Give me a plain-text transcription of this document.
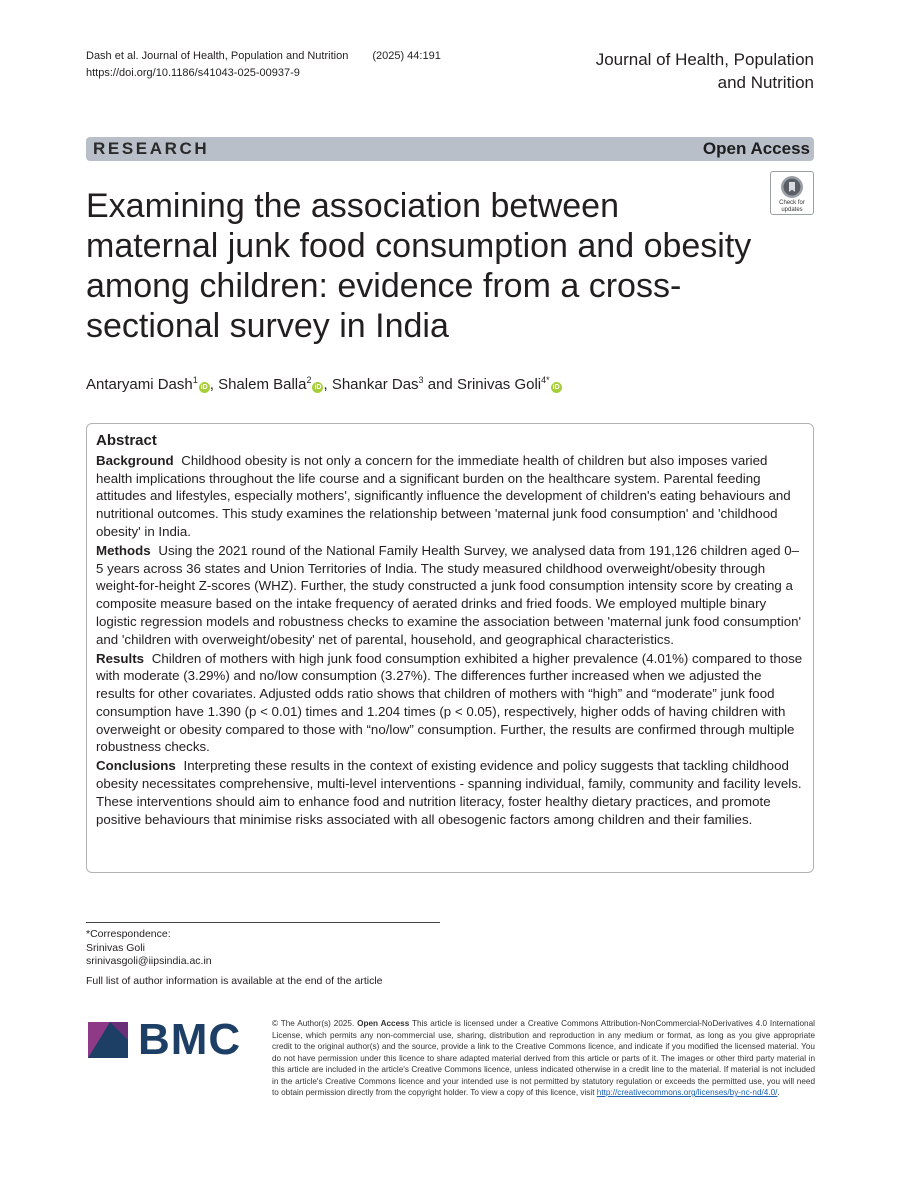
Dash et al. Journal of Health, Population and Nutrition (2025) 44:191
https://doi.org/10.1186/s41043-025-00937-9
Journal of Health, Population
and Nutrition
RESEARCH	Open Access
Check for
updates
Examining the association between maternal junk food consumption and obesity among children: evidence from a cross-sectional survey in India
Antaryami Dash$^1$iD , Shalem Balla$^2$iD , Shankar Das$^3$ and Srinivas Goli$^{4*}$iD
Abstract

Background Childhood obesity is not only a concern for the immediate health of children but also imposes varied health implications throughout the life course and a significant burden on the healthcare system. Parental feeding attitudes and lifestyles, especially mothers', significantly influence the development of children's eating behaviours and nutritional outcomes. This study examines the relationship between 'maternal junk food consumption' and 'childhood obesity' in India.

Methods Using the 2021 round of the National Family Health Survey, we analysed data from 191,126 children aged 0–5 years across 36 states and Union Territories of India. The study measured childhood overweight/obesity through weight-for-height Z-scores (WHZ). Further, the study constructed a junk food consumption intensity score by creating a composite measure based on the intake frequency of aerated drinks and fried foods. We employed multiple binary logistic regression models and robustness checks to examine the association between 'maternal junk food consumption' and 'children with overweight/obesity' net of parental, household, and geographical characteristics.

Results Children of mothers with high junk food consumption exhibited a higher prevalence (4.01%) compared to those with moderate (3.29%) and no/low consumption (3.27%). The differences further increased when we adjusted the results for other covariates. Adjusted odds ratio shows that children of mothers with “high” and “moderate” junk food consumption have 1.390 (p < 0.01) times and 1.204 times (p < 0.05), respectively, higher odds of having children with overweight or obesity compared to those with “no/low” consumption. Further, the results are confirmed through multiple robustness checks.

Conclusions Interpreting these results in the context of existing evidence and policy suggests that tackling childhood obesity necessitates comprehensive, multi-level interventions - spanning individual, family, community and facility levels. These interventions should aim to enhance food and nutrition literacy, foster healthy dietary practices, and promote positive behaviours that minimise risks associated with all obesogenic factors among children and their families.

*Correspondence:
Srinivas Goli
srinivasgoli@iipsindia.ac.in
Full list of author information is available at the end of the article
BMC	© The Author(s) 2025. Open Access This article is licensed under a Creative Commons Attribution-NonCommercial-NoDerivatives 4.0 International License, which permits any non-commercial use, sharing, distribution and reproduction in any medium or format, as long as you give appropriate credit to the original author(s) and the source, provide a link to the Creative Commons licence, and indicate if you modified the licensed material. You do not have permission under this licence to share adapted material derived from this article or parts of it. The images or other third party material in this article are included in the article's Creative Commons licence, unless indicated otherwise in a credit line to the material. If material is not included in the article's Creative Commons licence and your intended use is not permitted by statutory regulation or exceeds the permitted use, you will need to obtain permission directly from the copyright holder. To view a copy of this licence, visit http://creativecommons.org/licenses/by-nc-nd/4.0/.
